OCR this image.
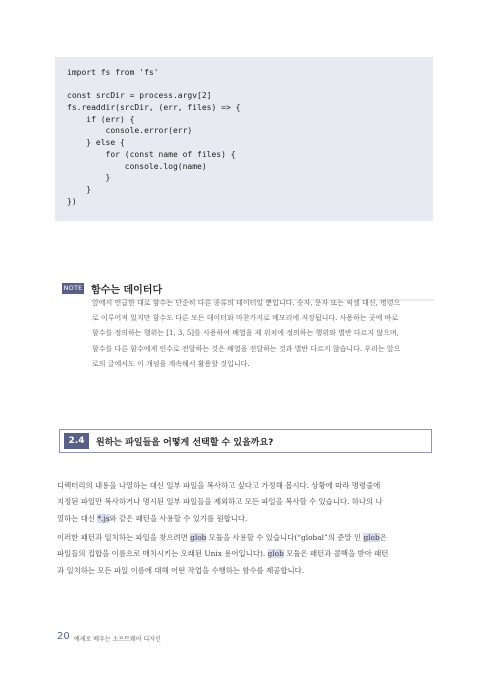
import fs from 'fs'
const srcDir = process.argv[2]
fs.readdir(srcDir, (err, files) => {
if (err) {
console.error(err)
} else {
for (const name of files) {
console.log(name)
}
}
})
NOTE 함수는 데이터다
앞에서 언급한 대로 함수는 단순히 다른 종류의 데이터일 뿐입니다. 숫자, 문자 또는 픽셀 대신, 명령으
로 이루어져 있지만 함수도 다른 모든 데이터와 마찬가지로 메모리에 저장됩니다. 사용하는 곳에 바로
함수를 정의하는 행위는 [1, 3, 5]를 사용하여 배열을 제 위치에 정의하는 행위와 별반 다르지 않으며,
함수를 다른 함수에게 인수로 전달하는 것은 배열을 전달하는 것과 별반 다르지 않습니다. 우리는 앞으
로의 글에서도 이 개념을 계속해서 활용할 것입니다.
2.4	원하는 파일들을 어떻게 선택할 수 있을까요?
디렉터리의 내용을 나열하는 대신 일부 파일을 복사하고 싶다고 가정해 봅시다. 상황에 따라 명령줄에
지정된 파일만 복사하거나 명시된 일부 파일들을 제외하고 모든 파일을 복사할 수 있습니다. 하나의 나
열하는 대신 *.js와 같은 패턴을 사용할 수 있기를 원합니다.
이러한 패턴과 일치하는 파일을 찾으려면 glob 모듈을 사용할 수 있습니다(“global”의 준말 인 glob은
파일들의 집합을 이름으로 매치시키는 오래된 Unix 용어입니다). glob 모듈은 패턴과 콜백을 받아 패턴
과 일치하는 모든 파일 이름에 대해 어떤 작업을 수행하는 함수를 제공합니다.
20 예제로 배우는 소프트웨어 디자인
